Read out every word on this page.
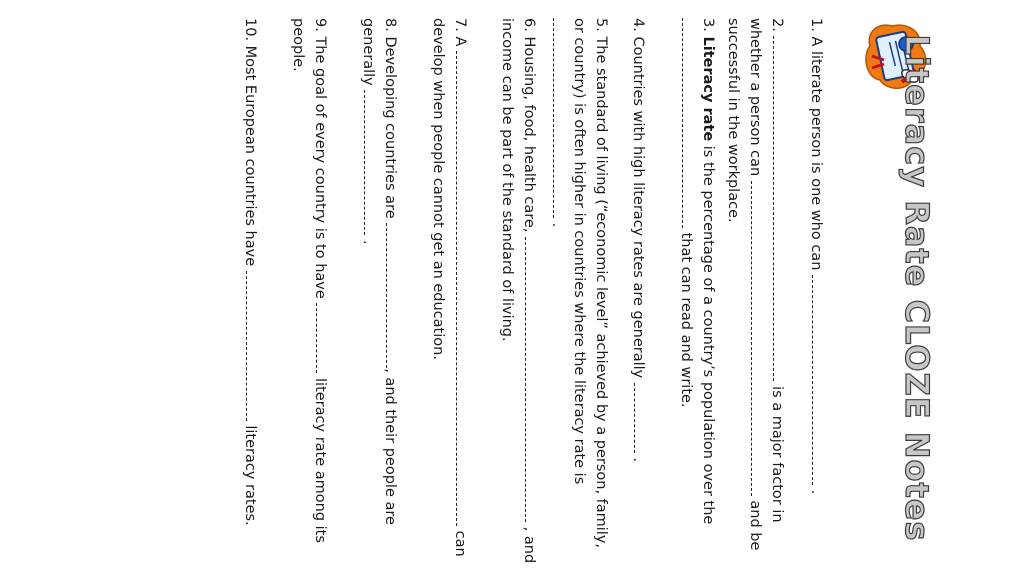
Literacy Rate CLOZE Notes
1. A literate person is one who can  .
2.  is a major factor in whether a person can  and be successful in the workplace.
3. Literacy rate is the percentage of a country’s population over the  that can read and write.
4. Countries with high literacy rates are generally  .
5. The standard of living (“economic level” achieved by a person, family, or country) is often higher in countries where the literacy rate is  .
6. Housing, food, health care,  , and income can be part of the standard of living.
7. A  can develop when people cannot get an education.
8. Developing countries are , and their people are generally  .
9. The goal of every country is to have  literacy rate among its people.
10. Most European countries have  literacy rates.
